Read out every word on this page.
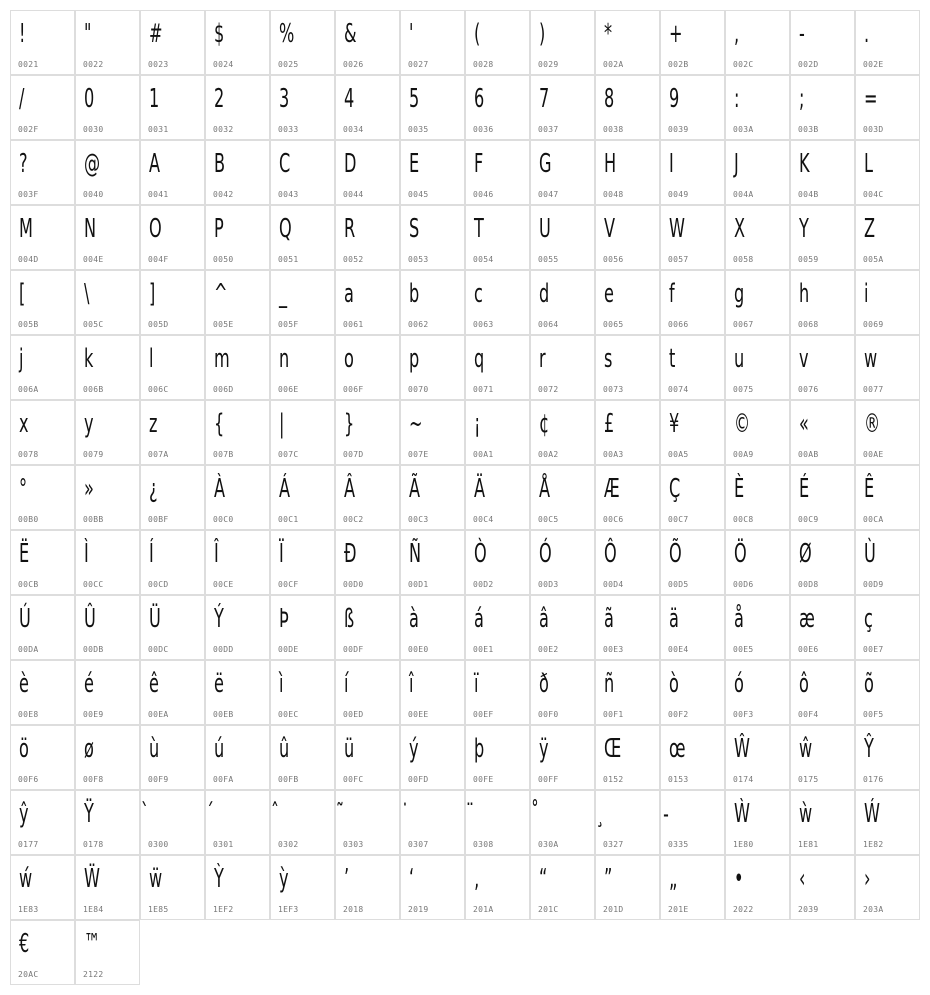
!
0021
"
0022
#
0023
$
0024
%
0025
&
0026
'
0027
(
0028
)
0029
*
002A
+
002B
,
002C
-
002D
.
002E
/
002F
0
0030
1
0031
2
0032
3
0033
4
0034
5
0035
6
0036
7
0037
8
0038
9
0039
:
003A
;
003B
=
003D
?
003F
@
0040
A
0041
B
0042
C
0043
D
0044
E
0045
F
0046
G
0047
H
0048
I
0049
J
004A
K
004B
L
004C
M
004D
N
004E
O
004F
P
0050
Q
0051
R
0052
S
0053
T
0054
U
0055
V
0056
W
0057
X
0058
Y
0059
Z
005A
[
005B
\
005C
]
005D
^
005E
_
005F
a
0061
b
0062
c
0063
d
0064
e
0065
f
0066
g
0067
h
0068
i
0069
j
006A
k
006B
l
006C
m
006D
n
006E
o
006F
p
0070
q
0071
r
0072
s
0073
t
0074
u
0075
v
0076
w
0077
x
0078
y
0079
z
007A
{
007B
|
007C
}
007D
~
007E
¡
00A1
¢
00A2
£
00A3
¥
00A5
©
00A9
«
00AB
®
00AE
°
00B0
»
00BB
¿
00BF
À
00C0
Á
00C1
Â
00C2
Ã
00C3
Ä
00C4
Å
00C5
Æ
00C6
Ç
00C7
È
00C8
É
00C9
Ê
00CA
Ë
00CB
Ì
00CC
Í
00CD
Î
00CE
Ï
00CF
Ð
00D0
Ñ
00D1
Ò
00D2
Ó
00D3
Ô
00D4
Õ
00D5
Ö
00D6
Ø
00D8
Ù
00D9
Ú
00DA
Û
00DB
Ü
00DC
Ý
00DD
Þ
00DE
ß
00DF
à
00E0
á
00E1
â
00E2
ã
00E3
ä
00E4
å
00E5
æ
00E6
ç
00E7
è
00E8
é
00E9
ê
00EA
ë
00EB
ì
00EC
í
00ED
î
00EE
ï
00EF
ð
00F0
ñ
00F1
ò
00F2
ó
00F3
ô
00F4
õ
00F5
ö
00F6
ø
00F8
ù
00F9
ú
00FA
û
00FB
ü
00FC
ý
00FD
þ
00FE
ÿ
00FF
Œ
0152
œ
0153
Ŵ
0174
ŵ
0175
Ŷ
0176
ŷ
0177
Ÿ
0178	0300	0301	0302	0303	0307	0308	030A	0327	0335
Ẁ
1E80
ẁ
1E81
Ẃ
1E82
ẃ
1E83
Ẅ
1E84
ẅ
1E85
Ỳ
1EF2
ỳ
1EF3
’
2018
‘
2019
‚
201A
“
201C
”
201D
„
201E
•
2022
‹
2039
›
203A
€
20AC
™
2122
